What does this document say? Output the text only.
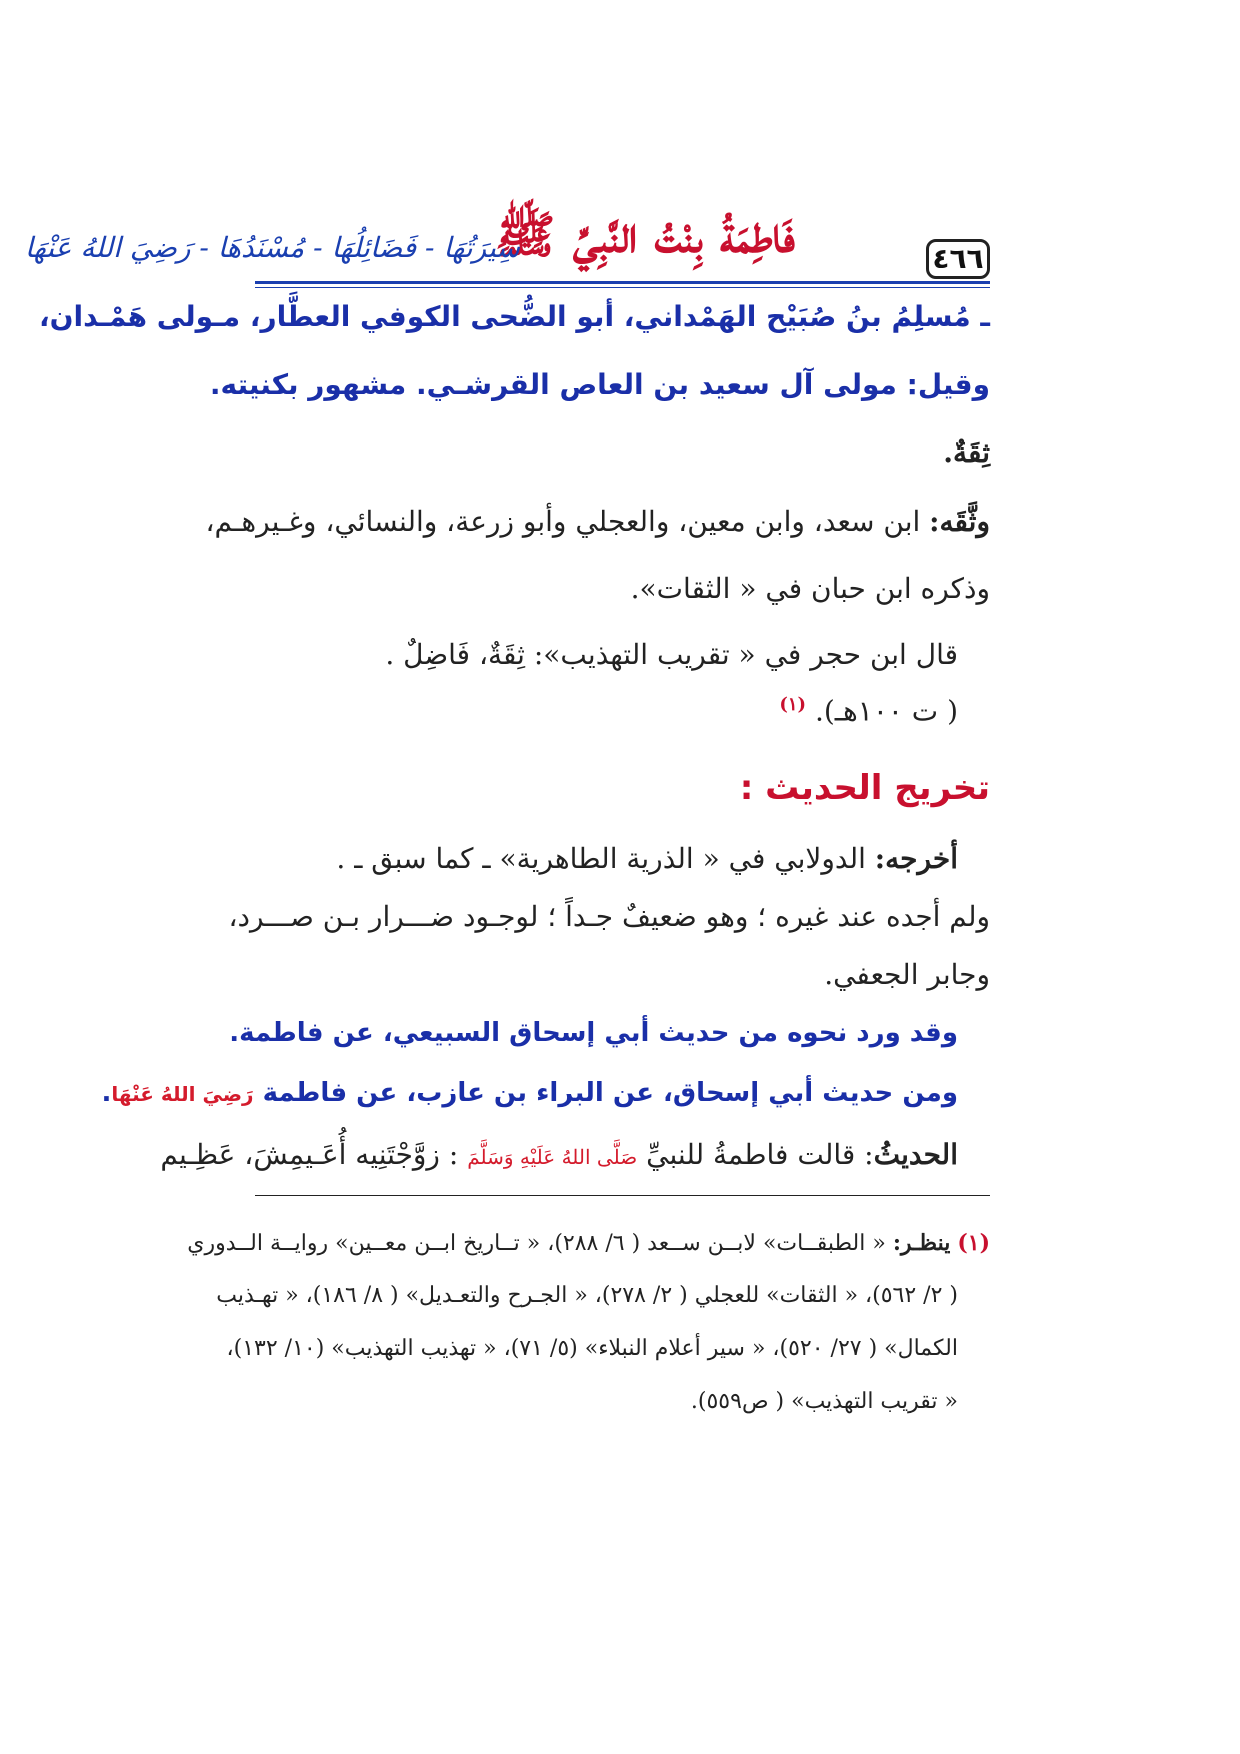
٤٦٦
فَاطِمَةُ بِنْتُ النَّبِيِّ ﷺ
سِيرَتُهَا - فَضَائِلُهَا - مُسْنَدُهَا - رَضِيَ اللهُ عَنْهَا
ـ مُسلِمُ بنُ صُبَيْح الهَمْداني، أبو الضُّحى الكوفي العطَّار، مـولى هَمْـدان،
وقيل: مولى آل سعيد بن العاص القرشـي. مشهور بكنيته.
ثِقَةٌ.
وثَّقَه: ابن سعد، وابن معين، والعجلي وأبو زرعة، والنسائي، وغـيرهـم،
وذكره ابن حبان في « الثقات».
قال ابن حجر في « تقريب التهذيب»: ثِقَةٌ، فَاضِلٌ .
( ت ١٠٠هـ). $^{(١)}$
تخريج الحديث :
أخرجه: الدولابي في « الذرية الطاهرية» ـ كما سبق ـ .
ولم أجده عند غيره ؛ وهو ضعيفٌ جـداً ؛ لوجـود ضـــرار بـن صـــرد،
وجابر الجعفي.
وقد ورد نحوه من حديث أبي إسحاق السبيعي، عن فاطمة.
ومن حديث أبي إسحاق، عن البراء بن عازب، عن فاطمة رَضِيَ اللهُ عَنْهَا.
الحديثُ: قالت فاطمةُ للنبيِّ صَلَّى اللهُ عَلَيْهِ وَسَلَّمَ : زوَّجْتَنِيه أُعَـيمِشَ، عَظِـيم
(١) ينظـر: « الطبقــات» لابــن ســعد ( ٦/ ٢٨٨)، « تــاريخ ابــن معــين» روايــة الــدوري
( ٢/ ٥٦٢)، « الثقات» للعجلي ( ٢/ ٢٧٨)، « الجـرح والتعـديل» ( ٨/ ١٨٦)، « تهـذيب
الكمال» ( ٢٧/ ٥٢٠)، « سير أعلام النبلاء» (٥/ ٧١)، « تهذيب التهذيب» (١٠/ ١٣٢)،
« تقريب التهذيب» ( ص٥٥٩).
